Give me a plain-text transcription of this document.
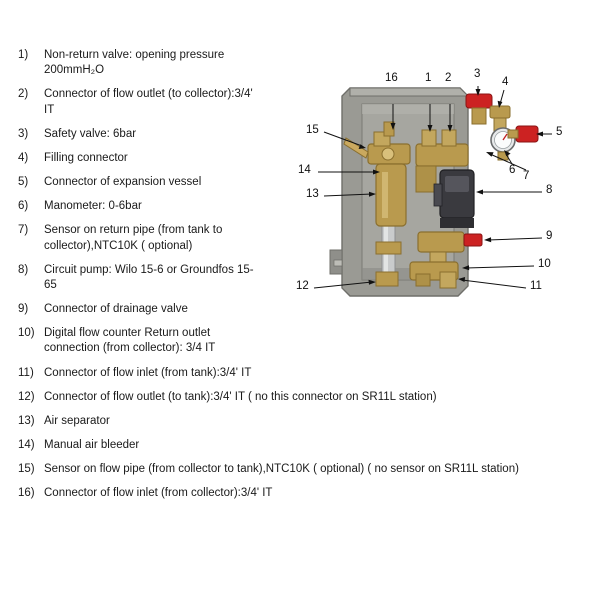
1)	Non-return valve: opening pressure 200mmH₂O
2)	Connector of flow outlet (to collector):3/4' IT
3)	Safety valve: 6bar
4)	Filling connector
5)	Connector of expansion vessel
6)	Manometer: 0-6bar
7)	Sensor on return pipe (from tank to collector),NTC10K ( optional)
8)	Circuit pump: Wilo 15-6 or Groundfos 15-65
9)	Connector of drainage valve
10) Digital flow counter Return outlet connection (from collector): 3/4 IT
11) Connector of flow inlet (from tank):3/4' IT
12) Connector of flow outlet (to tank):3/4' IT ( no this connector on SR11L station)
13) Air separator
14) Manual air bleeder
15) Sensor on flow pipe (from collector to tank),NTC10K ( optional) ( no sensor on SR11L station)
16) Connector of flow inlet (from collector):3/4' IT
16 1 2 3
4
5
6 7
8
9
10
11
12
13
14
15
